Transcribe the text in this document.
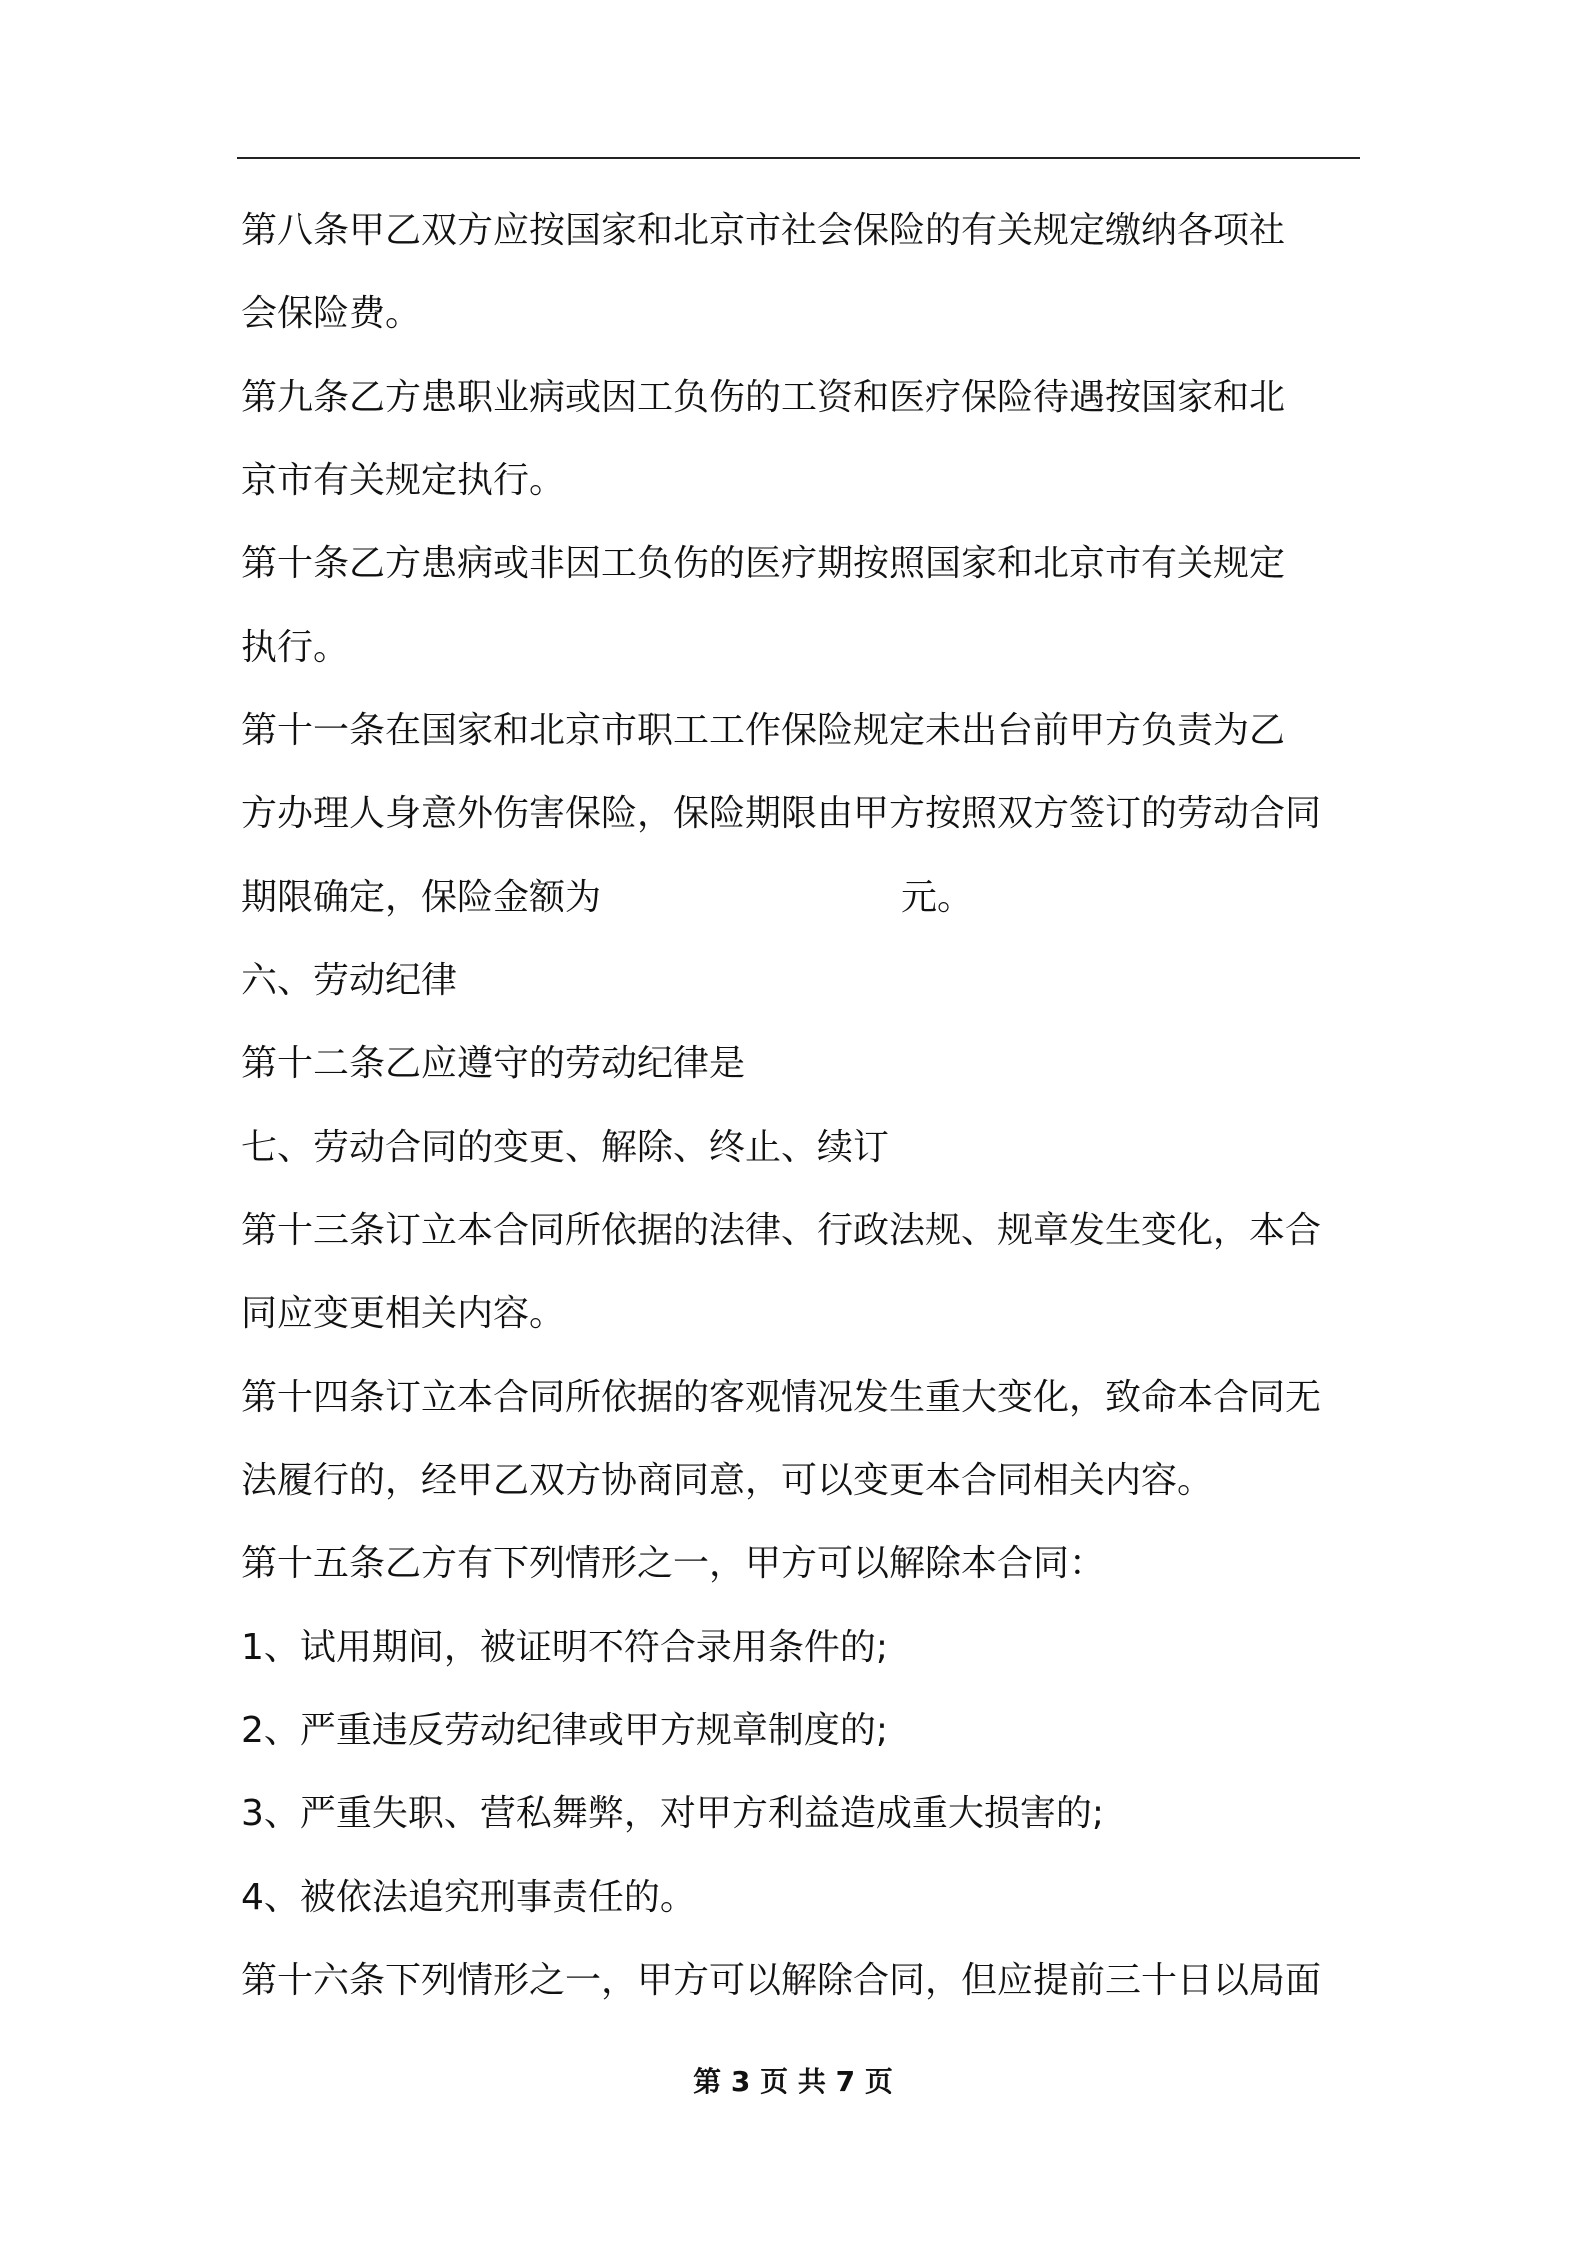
第八条甲乙双方应按国家和北京市社会保险的有关规定缴纳各项社
会保险费。
第九条乙方患职业病或因工负伤的工资和医疗保险待遇按国家和北
京市有关规定执行。
第十条乙方患病或非因工负伤的医疗期按照国家和北京市有关规定
执行。
第十一条在国家和北京市职工工作保险规定未出台前甲方负责为乙
方办理人身意外伤害保险，保险期限由甲方按照双方签订的劳动合同
期限确定，保险金额为	元。
六、劳动纪律
第十二条乙应遵守的劳动纪律是
七、劳动合同的变更、解除、终止、续订
第十三条订立本合同所依据的法律、行政法规、规章发生变化，本合
同应变更相关内容。
第十四条订立本合同所依据的客观情况发生重大变化，致命本合同无
法履行的，经甲乙双方协商同意，可以变更本合同相关内容。
第十五条乙方有下列情形之一，甲方可以解除本合同：
1、试用期间，被证明不符合录用条件的;
2、严重违反劳动纪律或甲方规章制度的;
3、严重失职、营私舞弊，对甲方利益造成重大损害的;
4、被依法追究刑事责任的。
第十六条下列情形之一，甲方可以解除合同，但应提前三十日以局面
第 3 页 共 7 页
